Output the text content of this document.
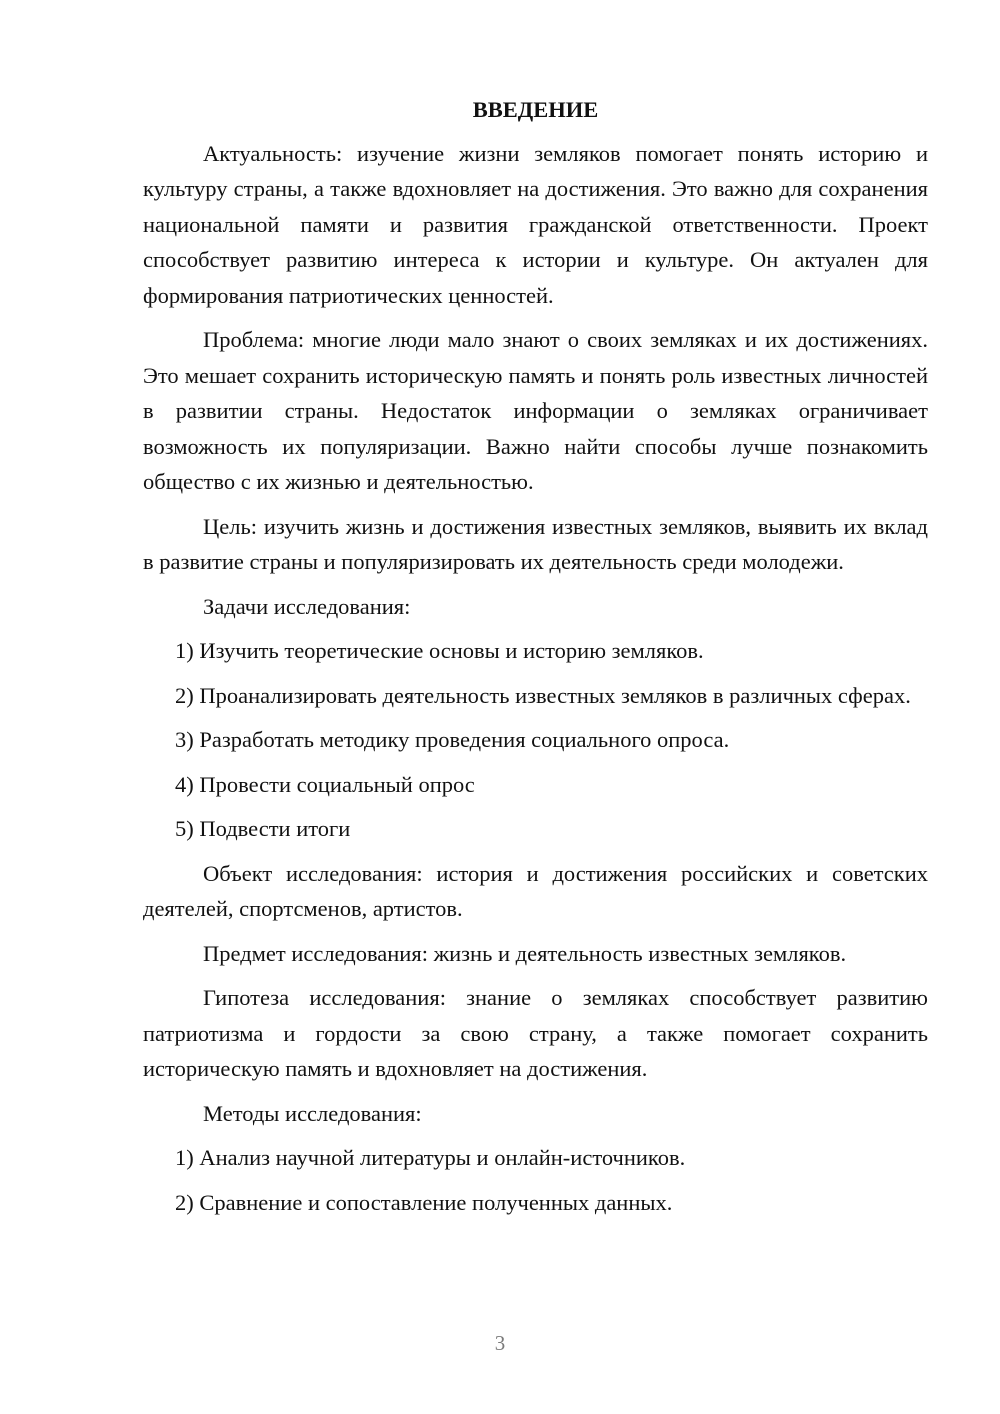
ВВЕДЕНИЕ

Актуальность: изучение жизни земляков помогает понять историю и культуру страны, а также вдохновляет на достижения. Это важно для сохранения национальной памяти и развития гражданской ответственности. Проект способствует развитию интереса к истории и культуре. Он актуален для формирования патриотических ценностей.

Проблема: многие люди мало знают о своих земляках и их достижениях. Это мешает сохранить историческую память и понять роль известных личностей в развитии страны. Недостаток информации о земляках ограничивает возможность их популяризации. Важно найти способы лучше познакомить общество с их жизнью и деятельностью.

Цель: изучить жизнь и достижения известных земляков, выявить их вклад в развитие страны и популяризировать их деятельность среди молодежи.

Задачи исследования:

1) Изучить теоретические основы и историю земляков.

2) Проанализировать деятельность известных земляков в различных сферах.

3) Разработать методику проведения социального опроса.

4) Провести социальный опрос

5) Подвести итоги

Объект исследования: история и достижения российских и советских деятелей, спортсменов, артистов.

Предмет исследования: жизнь и деятельность известных земляков.

Гипотеза исследования: знание о земляках способствует развитию патриотизма и гордости за свою страну, а также помогает сохранить историческую память и вдохновляет на достижения.

Методы исследования:

1) Анализ научной литературы и онлайн-источников.

2) Сравнение и сопоставление полученных данных.

3
